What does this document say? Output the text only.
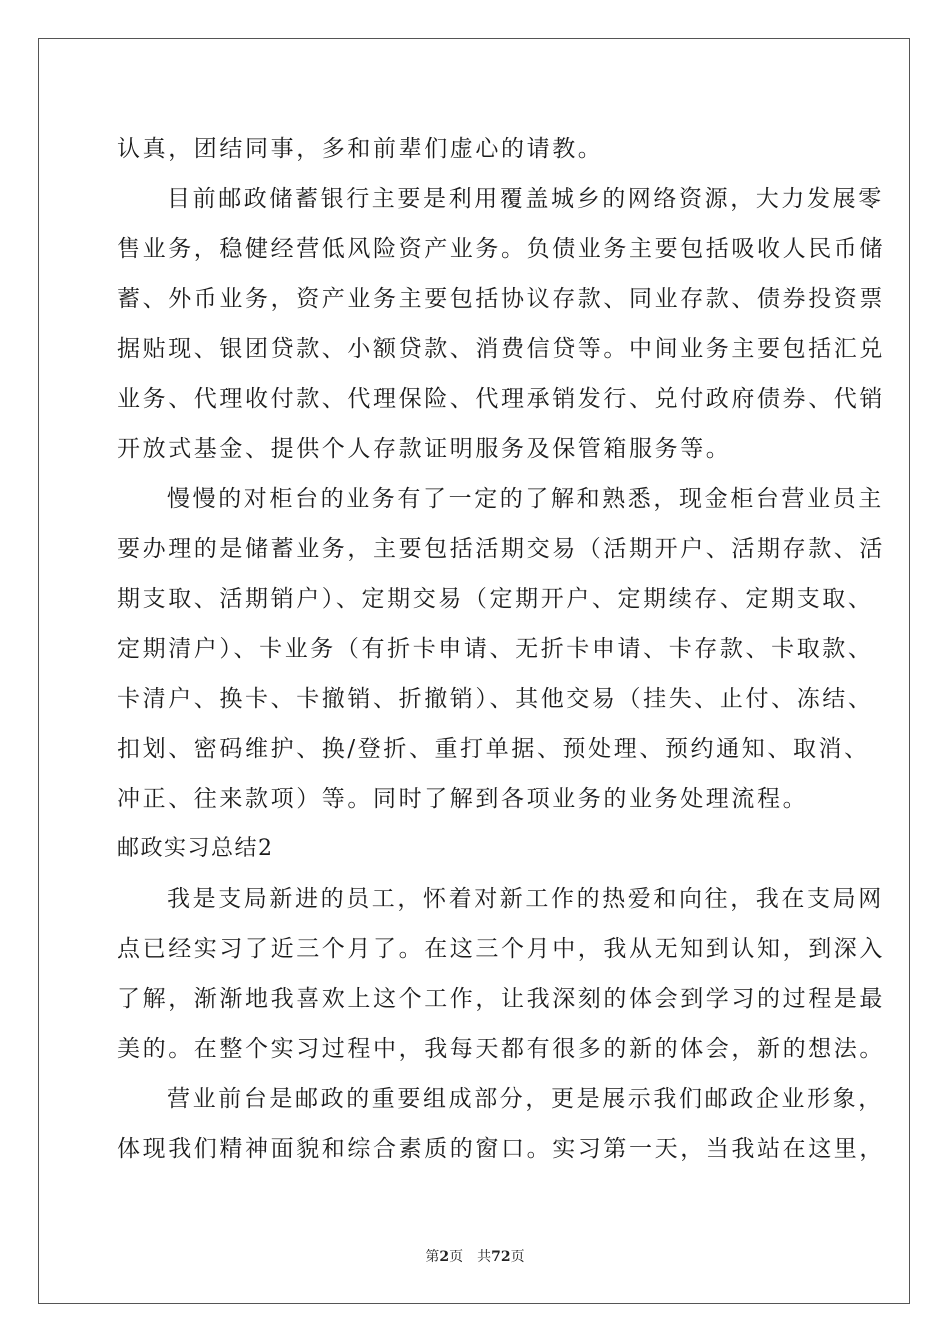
认真，团结同事，多和前辈们虚心的请教。
目前邮政储蓄银行主要是利用覆盖城乡的网络资源，大力发展零
售业务，稳健经营低风险资产业务。负债业务主要包括吸收人民币储
蓄、外币业务，资产业务主要包括协议存款、同业存款、债券投资票
据贴现、银团贷款、小额贷款、消费信贷等。中间业务主要包括汇兑
业务、代理收付款、代理保险、代理承销发行、兑付政府债券、代销
开放式基金、提供个人存款证明服务及保管箱服务等。
慢慢的对柜台的业务有了一定的了解和熟悉，现金柜台营业员主
要办理的是储蓄业务，主要包括活期交易（活期开户、活期存款、活
期支取、活期销户）、定期交易（定期开户、定期续存、定期支取、
定期清户）、卡业务（有折卡申请、无折卡申请、卡存款、卡取款、
卡清户、换卡、卡撤销、折撤销）、其他交易（挂失、止付、冻结、
扣划、密码维护、换/登折、重打单据、预处理、预约通知、取消、
冲正、往来款项）等。同时了解到各项业务的业务处理流程。
邮政实习总结2
我是支局新进的员工，怀着对新工作的热爱和向往，我在支局网
点已经实习了近三个月了。在这三个月中，我从无知到认知，到深入
了解，渐渐地我喜欢上这个工作，让我深刻的体会到学习的过程是最
美的。在整个实习过程中，我每天都有很多的新的体会，新的想法。
营业前台是邮政的重要组成部分，更是展示我们邮政企业形象，
体现我们精神面貌和综合素质的窗口。实习第一天，当我站在这里，
第2页 共72页
